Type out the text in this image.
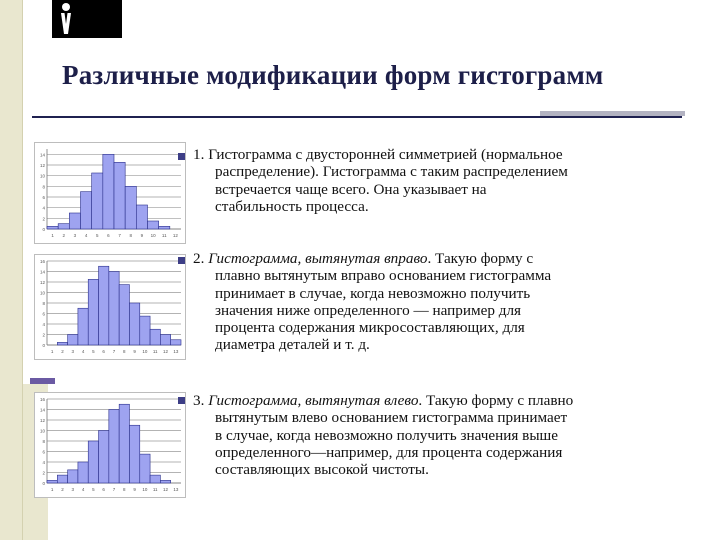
Различные модификации форм гистограмм
0
2
4
6
8
10
12
14
1 2 3 4 5 6 7 8 9 10 11 12
0
2
4
6
8
10
12
14
16
1 2 3 4 5 6 7 8 9 10 11 12 13
0
2
4
6
8
10
12
14
16
1 2 3 4 5 6 7 8 9 10 11 12 13
1. Гистограмма с двусторонней симметрией (нормальное
распределение). Гистограмма с таким распределением
встречается чаще всего. Она указывает на
стабильность процесса.
2. Гистограмма, вытянутая вправо. Такую форму с
плавно вытянутым вправо основанием гистограмма
принимает в случае, когда невозможно получить
значения ниже определенного — например для
процента содержания микросоставляющих, для
диаметра деталей и т. д.
3. Гистограмма, вытянутая влево. Такую форму с плавно
вытянутым влево основанием гистограмма принимает
в случае, когда невозможно получить значения выше
определенного—например, для процента содержания
составляющих высокой чистоты.
